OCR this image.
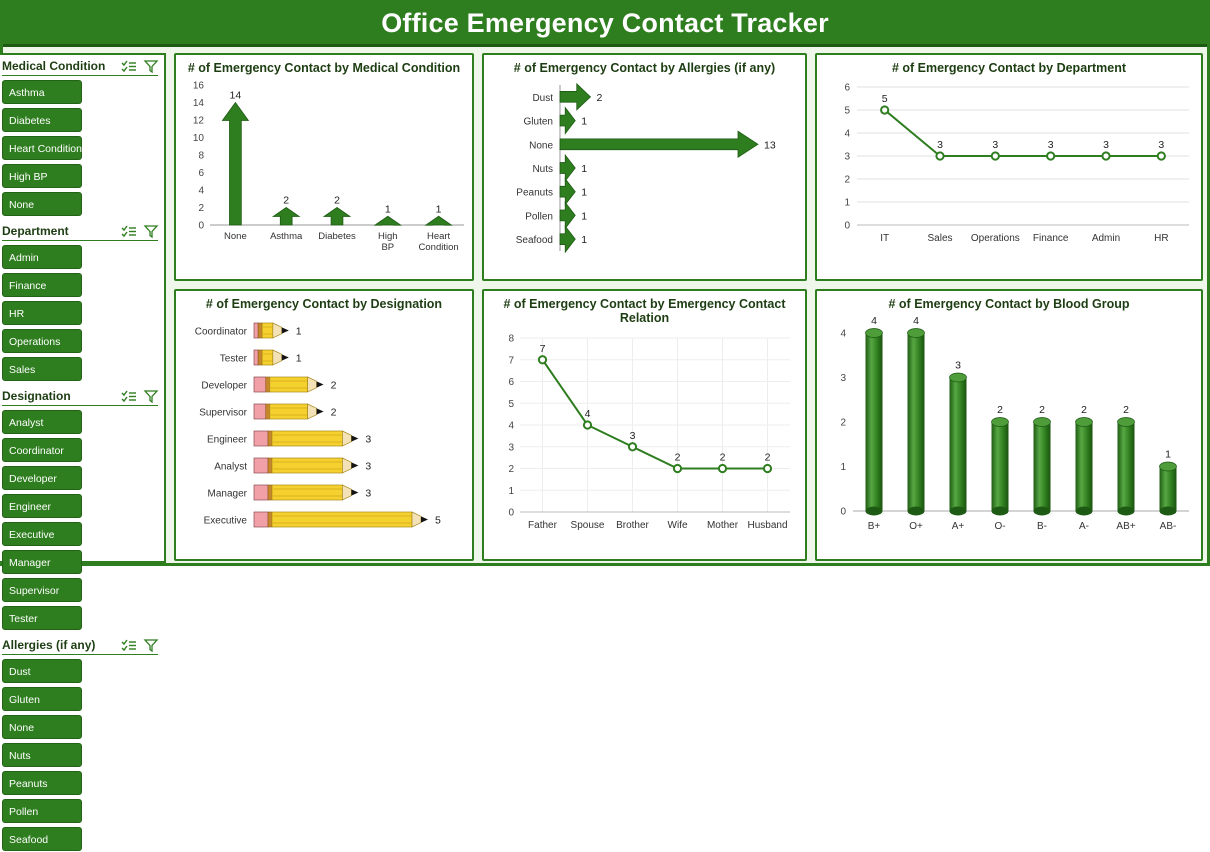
Office Emergency Contact Tracker
Medical Condition
Asthma
Diabetes
Heart Condition
High BP
None
Department
Admin
Finance
HR
Operations
Sales
Designation
Analyst
Coordinator
Developer
Engineer
Executive
Manager
Supervisor
Tester
Allergies (if any)
Dust
Gluten
None
Nuts
Peanuts
Pollen
Seafood
# of Emergency Contact by Medical Condition
0
2
4
6
8
10
12
14
16
14
None
2
Asthma
2
Diabetes
1
High
BP
1
Heart
Condition
# of Emergency Contact by Allergies (if any)
2
Dust
1
Gluten
13
None
1
Nuts
1
Peanuts
1
Pollen
1
Seafood
# of Emergency Contact by Department
0
1
2
3
4
5
6
5
IT
3
Sales
3
Operations
3
Finance
3
Admin
3
HR
# of Emergency Contact by Designation
1
Coordinator
1
Tester
2
Developer
2
Supervisor
3
Engineer
3
Analyst
3
Manager
5
Executive
# of Emergency Contact by Emergency Contact Relation
0
1
2
3
4
5
6
7
8
7
Father
4
Spouse
3
Brother
2
Wife
2
Mother
2
Husband
# of Emergency Contact by Blood Group
0
1
2
3
4
4
B+
4
O+
3
A+
2
O-
2
B-
2
A-
2
AB+
1
AB-
